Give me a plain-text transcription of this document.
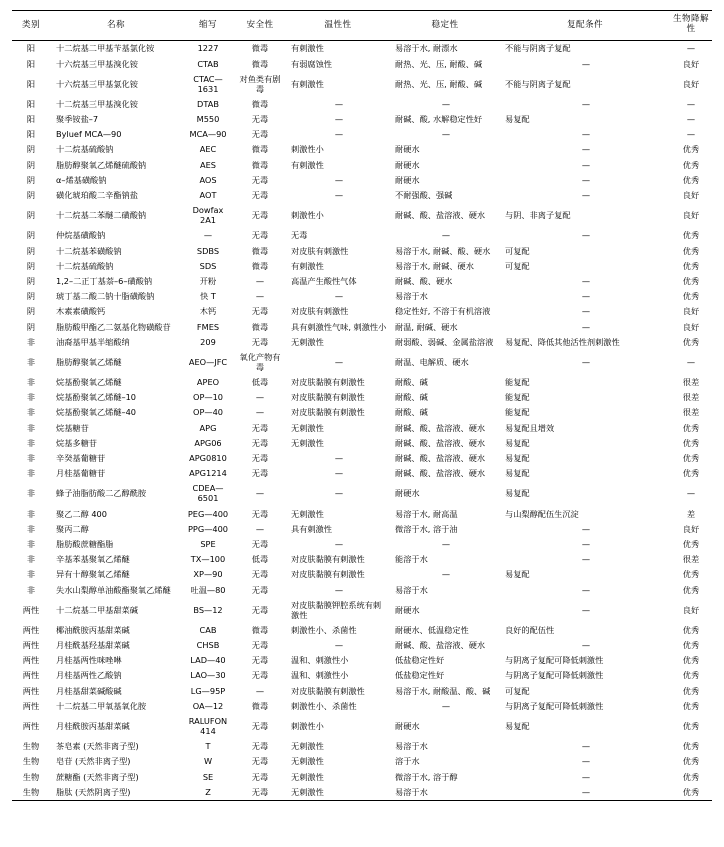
类别	名称	缩写	安全性	温性性	稳定性	复配条件	生物降解性
阳	十二烷基二甲基苄基氯化铵	1227	微毒	有刺激性	易溶于水, 耐漂水	不能与阴离子复配	—
阳	十六烷基三甲基溴化铵	CTAB	微毒	有弱腐蚀性	耐热、光、压, 耐酸、碱	—	良好
阳	十六烷基三甲基氯化铵	CTAC—1631	对鱼类有剧毒	有刺激性	耐热、光、压, 耐酸、碱	不能与阴离子复配	良好
阳	十二烷基三甲基溴化铵	DTAB	微毒	—	—	—	—
阳	聚季铵盐–7	M550	无毒	—	耐碱、酸, 水解稳定性好	易复配	—
阳	Byluef MCA—90	MCA—90	无毒	—	—	—	—
阴	十二烷基硫酸钠	AEC	微毒	刺激性小	耐硬水	—	优秀
阴	脂肪醇聚氧乙烯醚硫酸钠	AES	微毒	有刺激性	耐硬水	—	优秀
阴	α–烯基磺酸钠	AOS	无毒	—	耐硬水	—	优秀
阴	磺化琥珀酸二辛酯钠盐	AOT	无毒	—	不耐强酸、强碱	—	良好
阴	十二烷基二苯醚二磺酸钠	Dowfax 2A1	无毒	刺激性小	耐碱、酸、盐溶液、硬水	与阴、非离子复配	良好
阴	仲烷基磺酸钠	—	无毒	无毒	—	—	优秀
阴	十二烷基苯磺酸钠	SDBS	微毒	对皮肤有刺激性	易溶于水, 耐碱、酸、硬水	可复配	优秀
阴	十二烷基硫酸钠	SDS	微毒	有刺激性	易溶于水, 耐碱、硬水	可复配	优秀
阴	1,2–二正丁基萘–6–磺酸钠	开粉	—	高温产生酸性气体	耐碱、酸、硬水	—	优秀
阴	琥丁基二酸二钠十脂磺酸钠	快 T	—	—	易溶于水	—	优秀
阴	木素素磺酸钙	木钙	无毒	对皮肤有刺激性	稳定性好, 不溶于有机溶液	—	良好
阴	脂肪酸甲酯乙二氨基化物磺酸苷	FMES	微毒	具有刺激性气味, 刺激性小	耐温, 耐碱、硬水	—	良好
非	油裔基甲基半缩酸纳	209	无毒	无刺激性	耐弱酸、弱碱、金属盐溶液	易复配、降低其他活性剂刺激性	优秀
非	脂肪醇聚氧乙烯醚	AEO—JFC	氧化产物有毒	—	耐温、电解质、硬水	—	—
非	烷基酚聚氧乙烯醚	APEO	低毒	对皮肤黏膜有刺激性	耐酸、碱	能复配	很差
非	烷基酚聚氧乙烯醚–10	OP—10	—	对皮肤黏膜有刺激性	耐酸、碱	能复配	很差
非	烷基酚聚氧乙烯醚–40	OP—40	—	对皮肤黏膜有刺激性	耐酸、碱	能复配	很差
非	烷基糖苷	APG	无毒	无刺激性	耐碱、酸、盐溶液、硬水	易复配且增效	优秀
非	烷基多糖苷	APG06	无毒	无刺激性	耐碱、酸、盐溶液、硬水	易复配	优秀
非	辛癸基葡糖苷	APG0810	无毒	—	耐碱、酸、盐溶液、硬水	易复配	优秀
非	月桂基葡糖苷	APG1214	无毒	—	耐碱、酸、盐溶液、硬水	易复配	优秀
非	蜂子油脂肪酸二乙醇酰胺	CDEA—6501	—	—	耐硬水	易复配	—
非	聚乙二醇 400	PEG—400	无毒	无刺激性	易溶于水, 耐高温	与山梨醇配伍生沉淀	差
非	聚丙二醇	PPG—400	—	具有刺激性	微溶于水, 溶于油	—	良好
非	脂肪酸蔗糖酯脂	SPE	无毒	—	—	—	优秀
非	辛基苯基聚氧乙烯醚	TX—100	低毒	对皮肤黏膜有刺激性	能溶于水	—	很差
非	异有十醇聚氧乙烯醚	XP—90	无毒	对皮肤黏膜有刺激性	—	易复配	优秀
非	失水山梨醇单油酸酯聚氧乙烯醚	吐温—80	无毒	—	易溶于水	—	优秀
两性	十二烷基二甲基甜菜碱	BS—12	无毒	对皮肤黏膜钾腔系统有刺激性	耐硬水	—	良好
两性	椰油酰胺丙基甜菜碱	CAB	微毒	刺激性小、杀菌性	耐硬水、低温稳定性	良好的配伍性	优秀
两性	月桂酰基羟基甜菜碱	CHSB	无毒	—	耐碱、酸、盐溶液、硬水	—	优秀
两性	月桂基两性咪唑啉	LAD—40	无毒	温和、刺激性小	低盐稳定性好	与阴离子复配可降低刺激性	优秀
两性	月桂基两性乙酸钠	LAO—30	无毒	温和、刺激性小	低盐稳定性好	与阴离子复配可降低刺激性	优秀
两性	月桂基甜菜碱酸碱	LG—95P	—	对皮肤黏膜有刺激性	易溶于水, 耐酸温、酸、碱	可复配	优秀
两性	十二烷基二甲氧基氧化胺	OA—12	微毒	刺激性小、杀菌性	—	与阴离子复配可降低刺激性	优秀
两性	月桂酰胺丙基甜菜碱	RALUFON 414	无毒	刺激性小	耐硬水	易复配	优秀
生物	茶皂素 (天然非离子型)	T	无毒	无刺激性	易溶于水	—	优秀
生物	皂苷 (天然非离子型)	W	无毒	无刺激性	溶于水	—	优秀
生物	蔗糖酯 (天然非离子型)	SE	无毒	无刺激性	微溶于水, 溶于醇	—	优秀
生物	脂肽 (天然阴离子型)	Z	无毒	无刺激性	易溶于水	—	优秀
